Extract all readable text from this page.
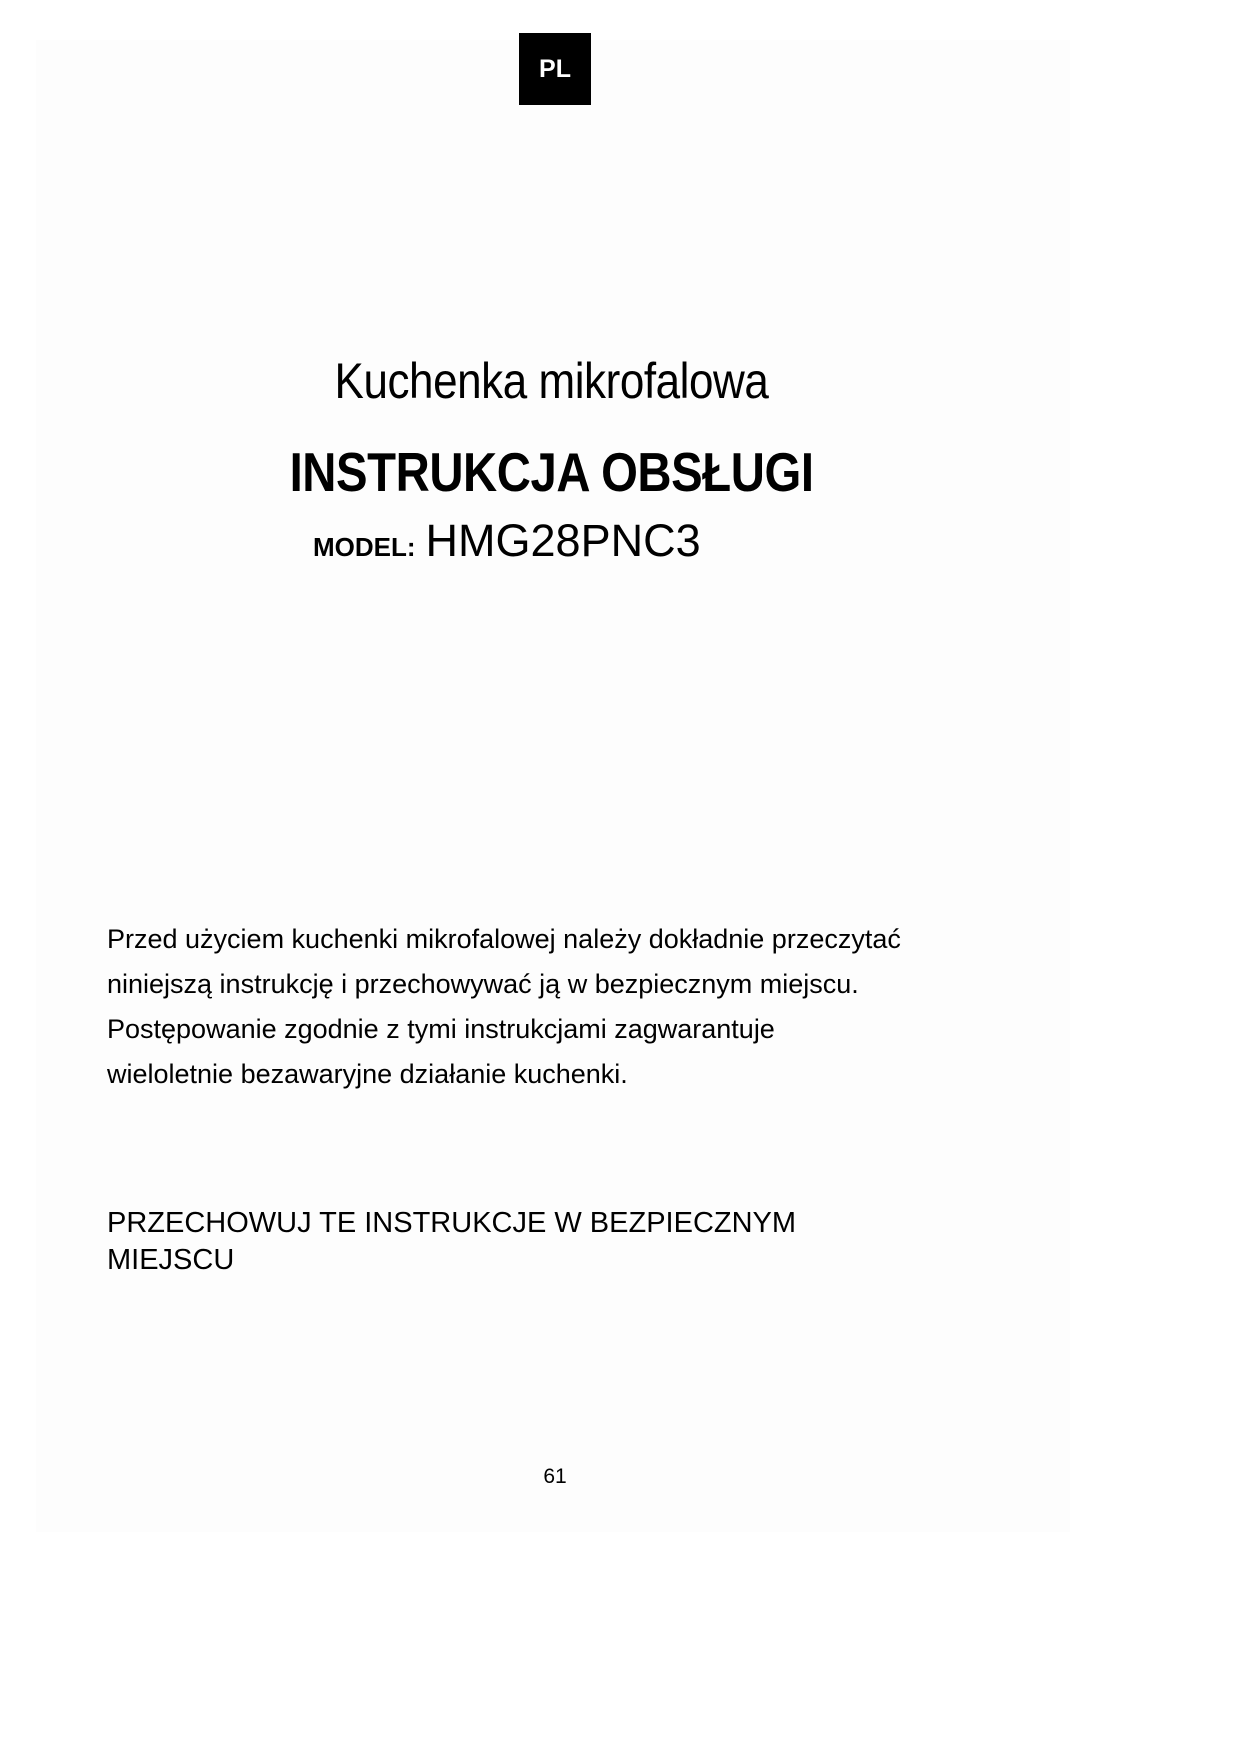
PL
Kuchenka mikrofalowa
INSTRUKCJA OBSŁUGI
MODEL: HMG28PNC3

Przed użyciem kuchenki mikrofalowej należy dokładnie przeczytać
niniejszą instrukcję i przechowywać ją w bezpiecznym miejscu.
Postępowanie zgodnie z tymi instrukcjami zagwarantuje
wieloletnie bezawaryjne działanie kuchenki.

PRZECHOWUJ TE INSTRUKCJE W BEZPIECZNYM
MIEJSCU

61
